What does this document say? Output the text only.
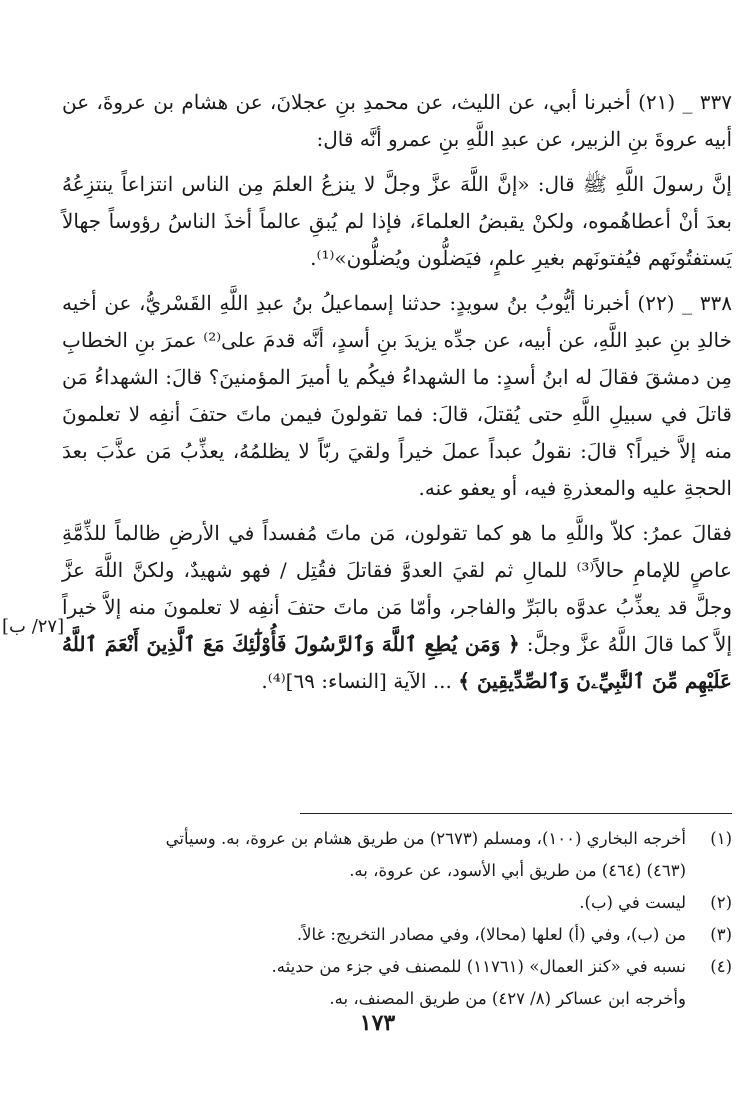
٣٣٧ _ (٢١) أخبرنا أبي، عن الليث، عن محمدِ بنِ عجلانَ، عن هشام بن عروةَ، عن أبيه عروةَ بنِ الزبير، عن عبدِ اللَّهِ بنِ عمرو أنَّه قال:

إنَّ رسولَ اللَّهِ ﷺ قال: «إنَّ اللَّهَ عزَّ وجلَّ لا ينزعُ العلمَ مِن الناس انتزاعاً ينتزِعُهُ بعدَ أنْ أعطاهُموه، ولكنْ يقبضُ العلماءَ، فإذا لم يُبقِ عالماً أخذَ الناسُ رؤوساً جهالاً يَستفتُونَهم فيُفتونَهم بغيرِ علمٍ، فيَضلُّون ويُضلُّون»⁽¹⁾.

٣٣٨ _ (٢٢) أخبرنا أيُّوبُ بنُ سويدٍ: حدثنا إسماعيلُ بنُ عبدِ اللَّهِ القَسْريُّ، عن أخيه خالدِ بنِ عبدِ اللَّهِ، عن أبيه، عن جدِّه يزيدَ بنِ أسدٍ، أنَّه قدمَ على⁽²⁾ عمرَ بنِ الخطابِ مِن دمشقَ فقالَ له ابنُ أسدٍ: ما الشهداءُ فيكُم يا أميرَ المؤمنينَ؟ قالَ: الشهداءُ مَن قاتلَ في سبيلِ اللَّهِ حتى يُقتلَ، قالَ: فما تقولونَ فيمن ماتَ حتفَ أنفِه لا تعلمونَ منه إلاَّ خيراً؟ قالَ: نقولُ عبداً عملَ خيراً ولقيَ ربّاً لا يظلمُهُ، يعذِّبُ مَن عذَّبَ بعدَ الحجةِ عليه والمعذرةِ فيه، أو يعفو عنه.

فقالَ عمرُ: كلاّ واللَّهِ ما هو كما تقولون، مَن ماتَ مُفسداً في الأرضِ ظالماً للذِّمَّةِ عاصٍ للإمامِ حالاً⁽³⁾ للمالِ ثم لقيَ العدوَّ فقاتلَ فقُتِل / فهو شهيدٌ، ولكنَّ اللَّهَ عزَّ وجلَّ قد يعذِّبُ عدوَّه بالبَرِّ والفاجر، وأمّا مَن ماتَ حتفَ أنفِه لا تعلمونَ منه إلاَّ خيراً إلاَّ كما قالَ اللَّهُ عزَّ وجلَّ: ﴿ وَمَن يُطِعِ ٱللَّهَ وَٱلرَّسُولَ فَأُوْلَٰٓئِكَ مَعَ ٱلَّذِينَ أَنْعَمَ ٱللَّهُ عَلَيْهِم مِّنَ ٱلنَّبِيِّۦنَ وَٱلصِّدِّيقِينَ ﴾ ... الآية [النساء: ٦٩]⁽⁴⁾.

[٢٧/ ب]
(١)
أخرجه البخاري (١٠٠)، ومسلم (٢٦٧٣) من طريق هشام بن عروة، به. وسيأتي
(٤٦٣) (٤٦٤) من طريق أبي الأسود، عن عروة، به.
(٢)
ليست في (ب).
(٣)
من (ب)، وفي (أ) لعلها (محالا)، وفي مصادر التخريج: غالاً.
(٤)
نسبه في «كنز العمال» (١١٧٦١) للمصنف في جزء من حديثه.
وأخرجه ابن عساكر (٨/ ٤٢٧) من طريق المصنف، به.
١٧٣
